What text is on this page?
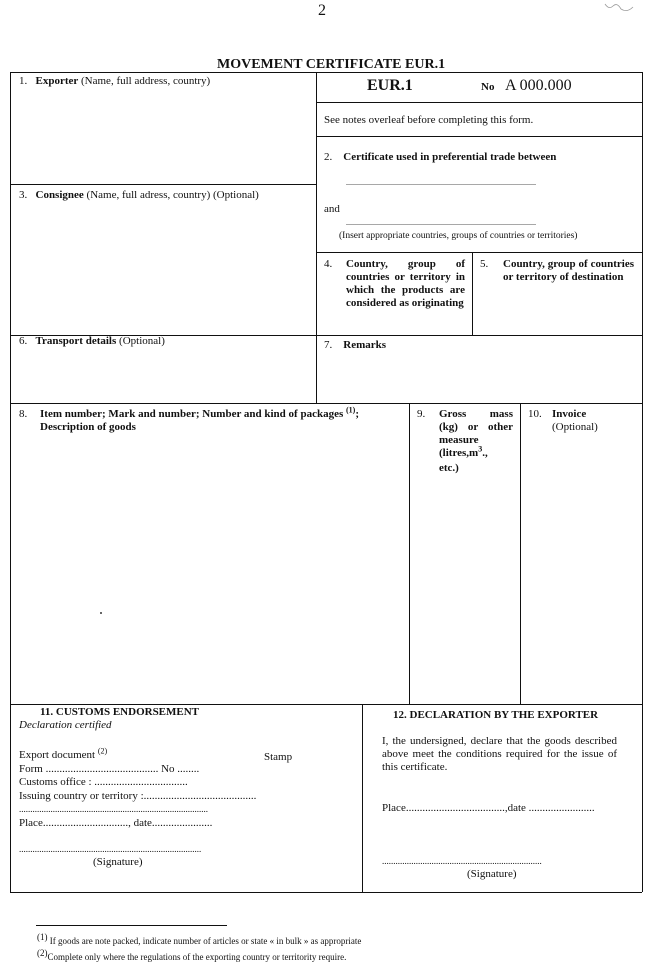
2
MOVEMENT CERTIFICATE EUR.1
1. Exporter (Name, full address, country)	EUR.1	No A 000.000
See notes overleaf before completing this form.
2. Certificate used in preferential trade between
...............................................................................................
and
...............................................................................................
(Insert appropriate countries, groups of countries or territories)
3. Consignee (Name, full adress, country) (Optional)
4. Country, group of countries or territory in which the products are considered as originating
5. Country, group of countries or territory of destination
6. Transport details (Optional)	7. Remarks
8. Item number; Mark and number; Number and kind of packages $^{(1)}$;
Description of goods
9. Gross mass (kg) or other measure ($litres,m^3$.,
etc.)
10. Invoice
(Optional)
11. CUSTOMS ENDORSEMENT
Declaration certified
Export document $^{(2)}$
Stamp
Form ......................................... No ........
Customs office : ..................................
Issuing country or territory :.........................................
....................................................................................
Place..............................., date......................
.................................................................................
(Signature)
12. DECLARATION BY THE EXPORTER
I, the undersigned, declare that the goods described above meet the conditions required for the issue of this certificate.
Place....................................,date ........................
.......................................................................
(Signature)
$^{(1)}$ If goods are note packed, indicate number of articles or state « in bulk » as appropriate
$^{(2)}$Complete only where the regulations of the exporting country or territority require.
